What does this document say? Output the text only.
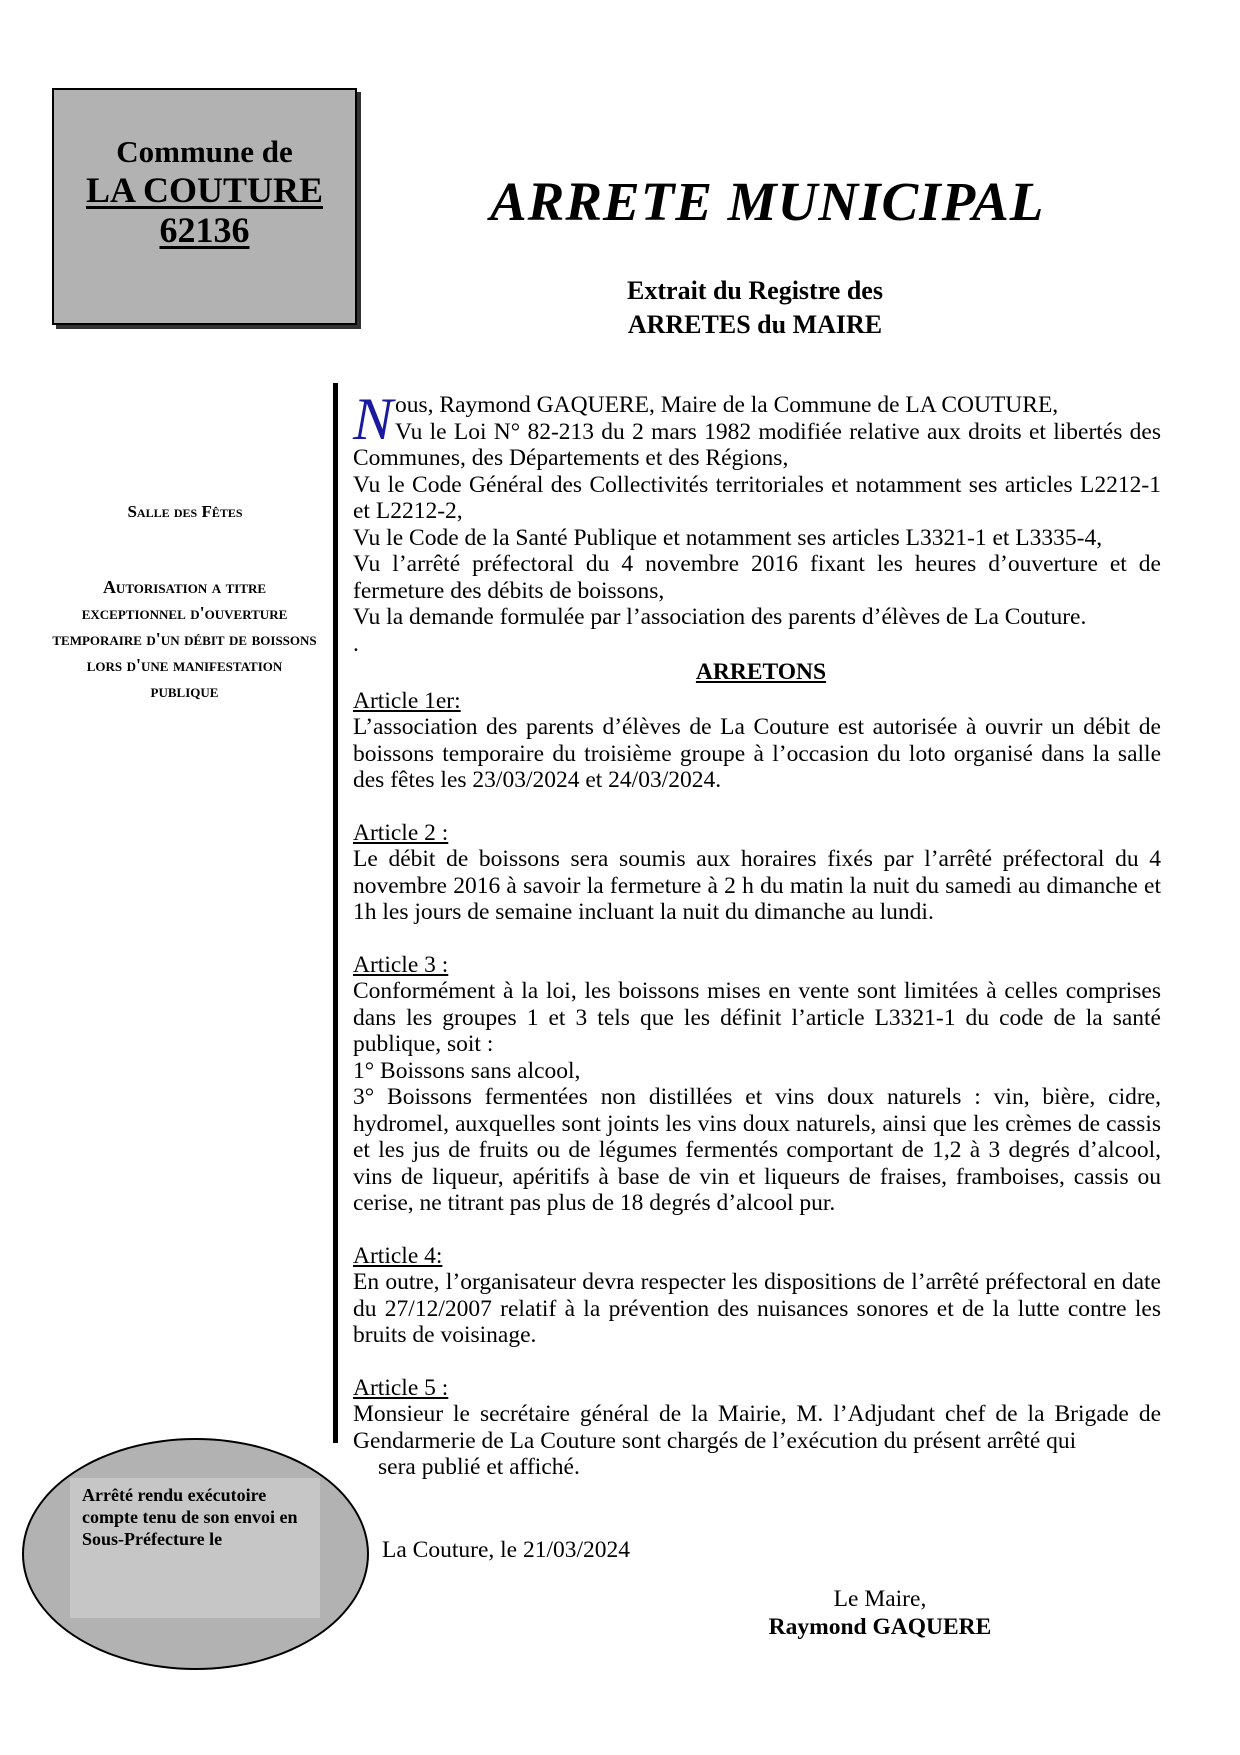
Commune de
LA COUTURE
62136	ARRETE MUNICIPAL
Extrait du Registre des
ARRETES du MAIRE
Salle des Fêtes
Autorisation a titre exceptionnel d'ouverture temporaire d'un débit de boissons lors d'une manifestation publique
Arrêté rendu exécutoire compte tenu de son envoi en Sous-Préfecture le

Nous, Raymond GAQUERE, Maire de la Commune de LA COUTURE,

Vu le Loi N° 82-213 du 2 mars 1982 modifiée relative aux droits et libertés des Communes, des Départements et des Régions,

Vu le Code Général des Collectivités territoriales et notamment ses articles L2212-1 et L2212-2,

Vu le Code de la Santé Publique et notamment ses articles L3321-1 et L3335-4,

Vu l’arrêté préfectoral du 4 novembre 2016 fixant les heures d’ouverture et de fermeture des débits de boissons,

Vu la demande formulée par l’association des parents d’élèves de La Couture.

.

ARRETONS

Article 1er:

L’association des parents d’élèves de La Couture est autorisée à ouvrir un débit de boissons temporaire du troisième groupe à l’occasion du loto organisé dans la salle des fêtes les 23/03/2024 et 24/03/2024.

Article 2 :

Le débit de boissons sera soumis aux horaires fixés par l’arrêté préfectoral du 4 novembre 2016 à savoir la fermeture à 2 h du matin la nuit du samedi au dimanche et 1h les jours de semaine incluant la nuit du dimanche au lundi.

Article 3 :

Conformément à la loi, les boissons mises en vente sont limitées à celles comprises dans les groupes 1 et 3 tels que les définit l’article L3321-1 du code de la santé publique, soit :

1° Boissons sans alcool,

3° Boissons fermentées non distillées et vins doux naturels : vin, bière, cidre, hydromel, auxquelles sont joints les vins doux naturels, ainsi que les crèmes de cassis et les jus de fruits ou de légumes fermentés comportant de 1,2 à 3 degrés d’alcool, vins de liqueur, apéritifs à base de vin et liqueurs de fraises, framboises, cassis ou cerise, ne titrant pas plus de 18 degrés d’alcool pur.

Article 4:

En outre, l’organisateur devra respecter les dispositions de l’arrêté préfectoral en date du 27/12/2007 relatif à la prévention des nuisances sonores et de la lutte contre les bruits de voisinage.

Article 5 :

Monsieur le secrétaire général de la Mairie, M. l’Adjudant chef de la Brigade de Gendarmerie de La Couture sont chargés de l’exécution du présent arrêté qui

sera publié et affiché.

La Couture, le 21/03/2024
Le Maire,
Raymond GAQUERE
